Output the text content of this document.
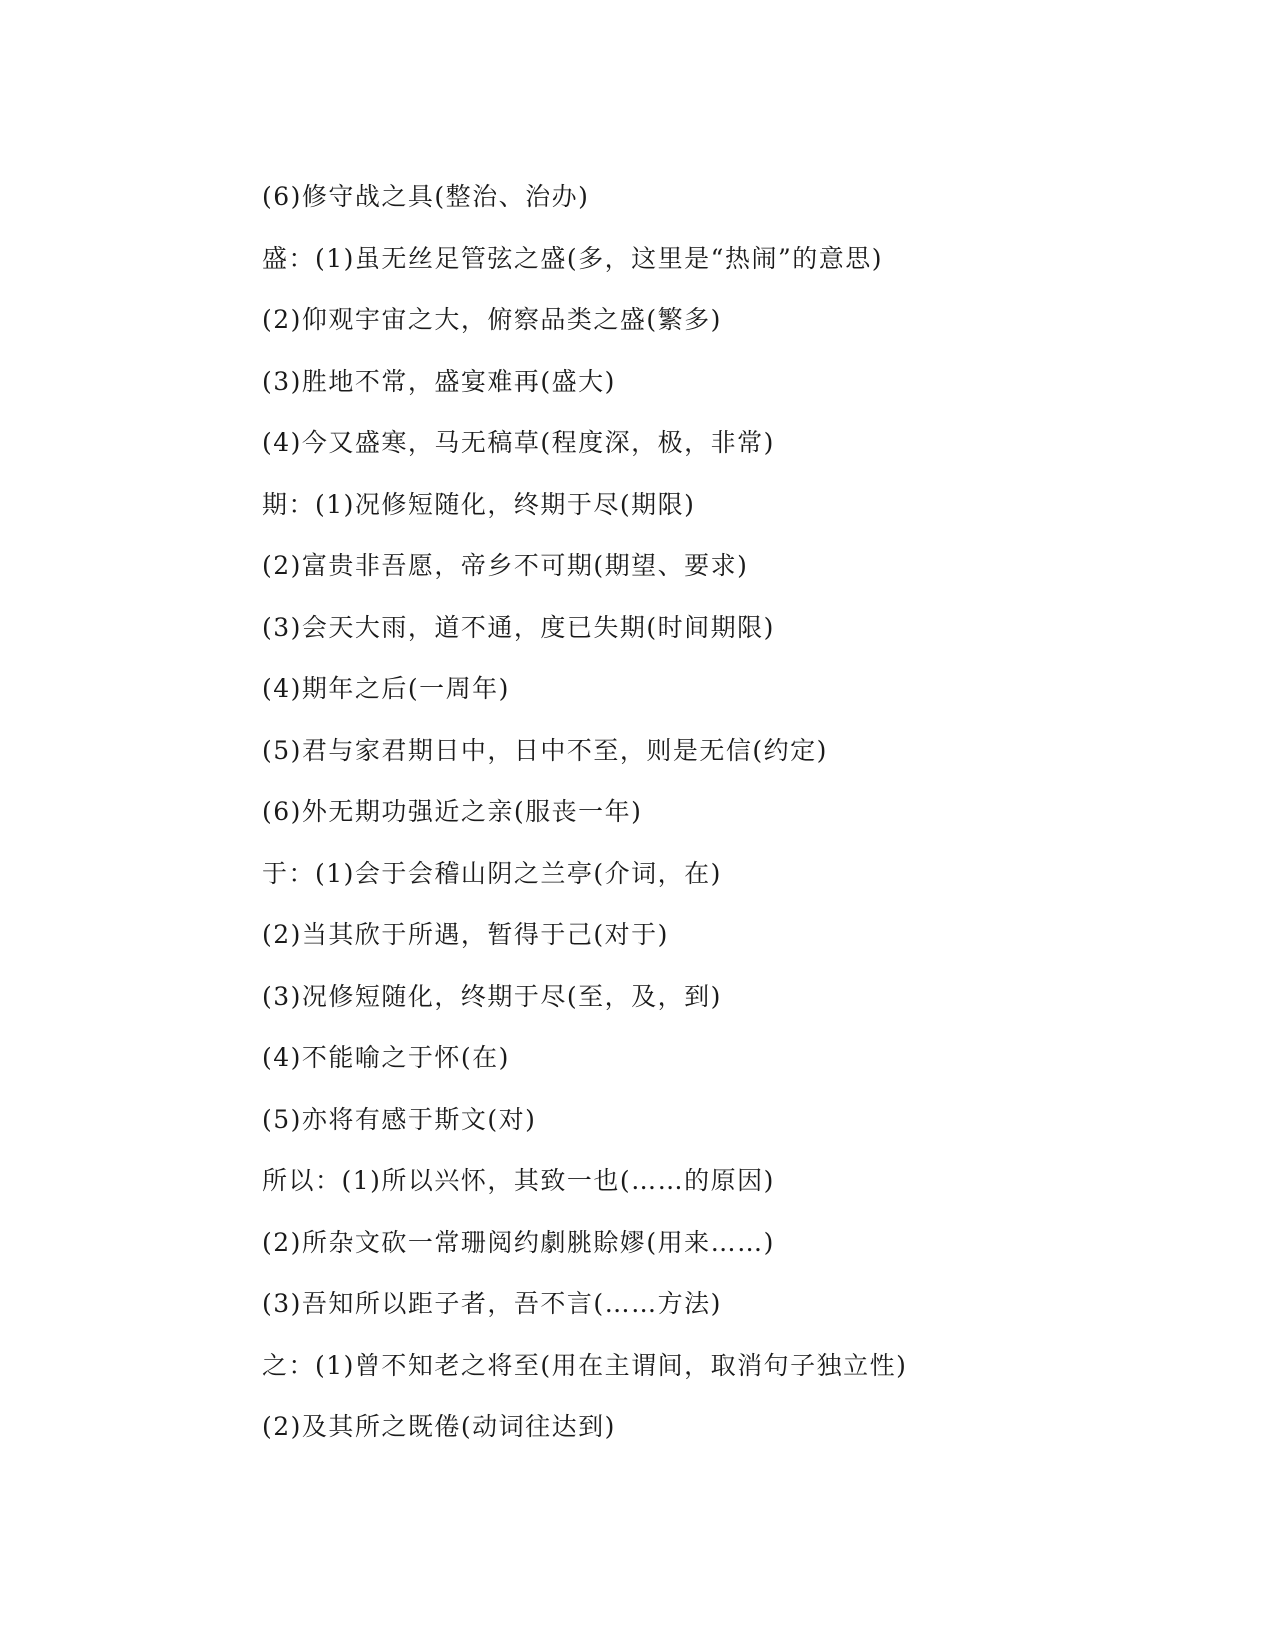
(6)修守战之具(整治、治办)
盛：(1)虽无丝足管弦之盛(多，这里是“热闹”的意思)
(2)仰观宇宙之大，俯察品类之盛(繁多)
(3)胜地不常，盛宴难再(盛大)
(4)今又盛寒，马无稿草(程度深，极，非常)
期：(1)况修短随化，终期于尽(期限)
(2)富贵非吾愿，帝乡不可期(期望、要求)
(3)会天大雨，道不通，度已失期(时间期限)
(4)期年之后(一周年)
(5)君与家君期日中，日中不至，则是无信(约定)
(6)外无期功强近之亲(服丧一年)
于：(1)会于会稽山阴之兰亭(介词，在)
(2)当其欣于所遇，暂得于己(对于)
(3)况修短随化，终期于尽(至，及，到)
(4)不能喻之于怀(在)
(5)亦将有感于斯文(对)
所以：(1)所以兴怀，其致一也(……的原因)
(2)所杂文砍一常珊阅约劇脁賒嫪(用来……)
(3)吾知所以距子者，吾不言(……方法)
之：(1)曾不知老之将至(用在主谓间，取消句子独立性)
(2)及其所之既倦(动词往达到)
